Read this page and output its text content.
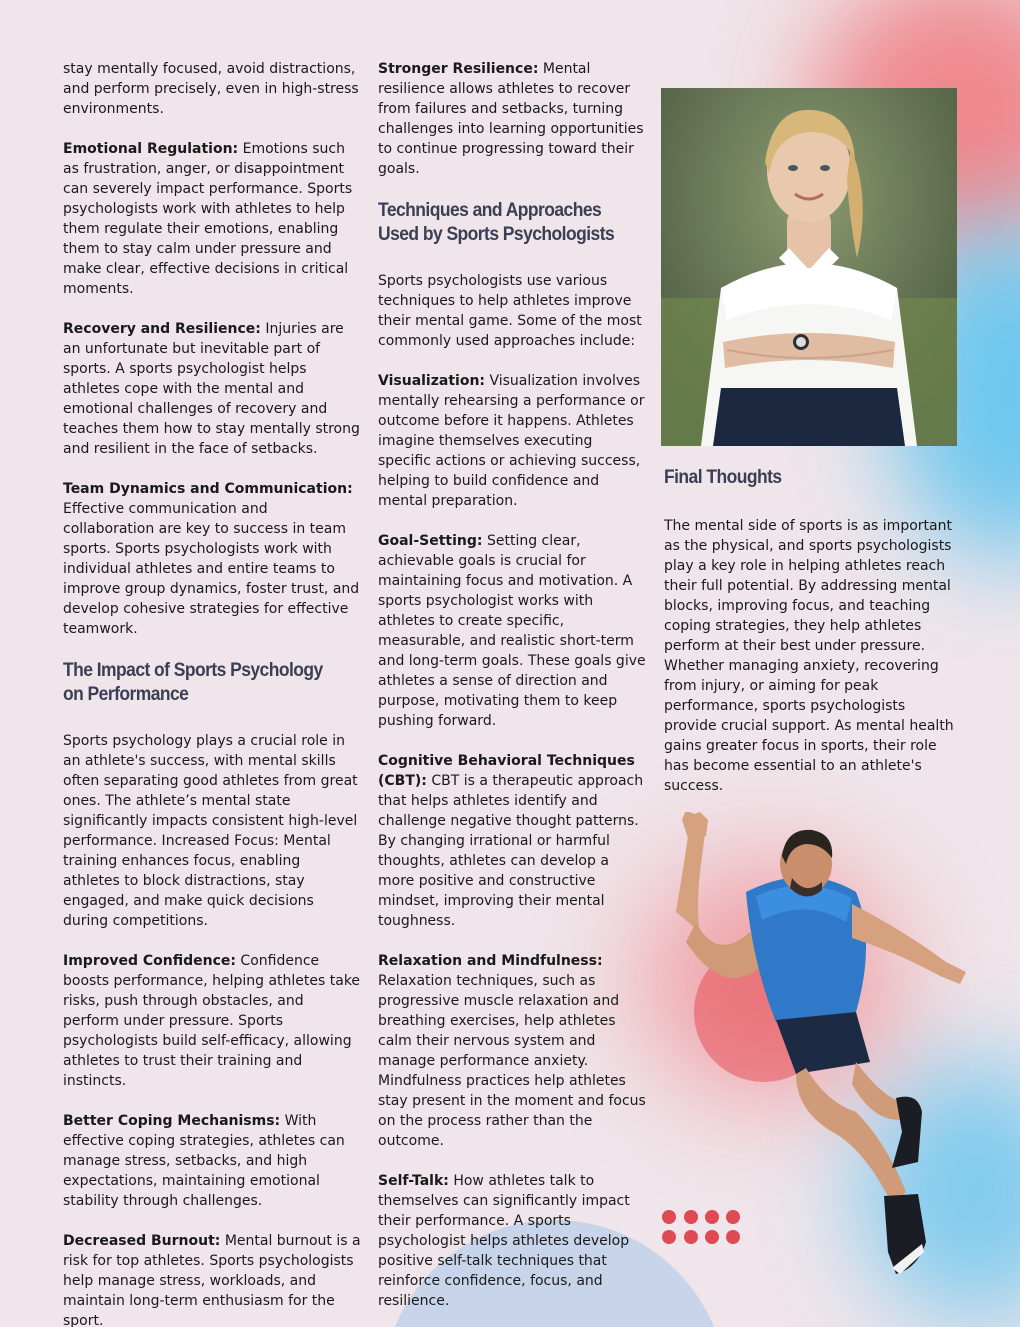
stay mentally focused, avoid distractions, and perform precisely, even in high-stress environments.

Emotional Regulation: Emotions such as frustration, anger, or disappointment can severely impact performance. Sports psychologists work with athletes to help them regulate their emotions, enabling them to stay calm under pressure and make clear, effective decisions in critical moments.

Recovery and Resilience: Injuries are an unfortunate but inevitable part of sports. A sports psychologist helps athletes cope with the mental and emotional challenges of recovery and teaches them how to stay mentally strong and resilient in the face of setbacks.

Team Dynamics and Communication: Effective communication and collaboration are key to success in team sports. Sports psychologists work with individual athletes and entire teams to improve group dynamics, foster trust, and develop cohesive strategies for effective teamwork.

The Impact of Sports Psychology on Performance

Sports psychology plays a crucial role in an athlete's success, with mental skills often separating good athletes from great ones. The athlete’s mental state significantly impacts consistent high-level performance. Increased Focus: Mental training enhances focus, enabling athletes to block distractions, stay engaged, and make quick decisions during competitions.

Improved Confidence: Confidence boosts performance, helping athletes take risks, push through obstacles, and perform under pressure. Sports psychologists build self-efficacy, allowing athletes to trust their training and instincts.

Better Coping Mechanisms: With effective coping strategies, athletes can manage stress, setbacks, and high expectations, maintaining emotional stability through challenges.

Decreased Burnout: Mental burnout is a risk for top athletes. Sports psychologists help manage stress, workloads, and maintain long-term enthusiasm for the sport.

Stronger Resilience: Mental resilience allows athletes to recover from failures and setbacks, turning challenges into learning opportunities to continue progressing toward their goals.

Techniques and Approaches Used by Sports Psychologists

Sports psychologists use various techniques to help athletes improve their mental game. Some of the most commonly used approaches include:

Visualization: Visualization involves mentally rehearsing a performance or outcome before it happens. Athletes imagine themselves executing specific actions or achieving success, helping to build confidence and mental preparation.

Goal-Setting: Setting clear, achievable goals is crucial for maintaining focus and motivation. A sports psychologist works with athletes to create specific, measurable, and realistic short-term and long-term goals. These goals give athletes a sense of direction and purpose, motivating them to keep pushing forward.

Cognitive Behavioral Techniques (CBT): CBT is a therapeutic approach that helps athletes identify and challenge negative thought patterns. By changing irrational or harmful thoughts, athletes can develop a more positive and constructive mindset, improving their mental toughness.

Relaxation and Mindfulness: Relaxation techniques, such as progressive muscle relaxation and breathing exercises, help athletes calm their nervous system and manage performance anxiety. Mindfulness practices help athletes stay present in the moment and focus on the process rather than the outcome.

Self-Talk: How athletes talk to themselves can significantly impact their performance. A sports psychologist helps athletes develop positive self-talk techniques that reinforce confidence, focus, and resilience.

Final Thoughts

The mental side of sports is as important as the physical, and sports psychologists play a key role in helping athletes reach their full potential. By addressing mental blocks, improving focus, and teaching coping strategies, they help athletes perform at their best under pressure. Whether managing anxiety, recovering from injury, or aiming for peak performance, sports psychologists provide crucial support. As mental health gains greater focus in sports, their role has become essential to an athlete's success.
